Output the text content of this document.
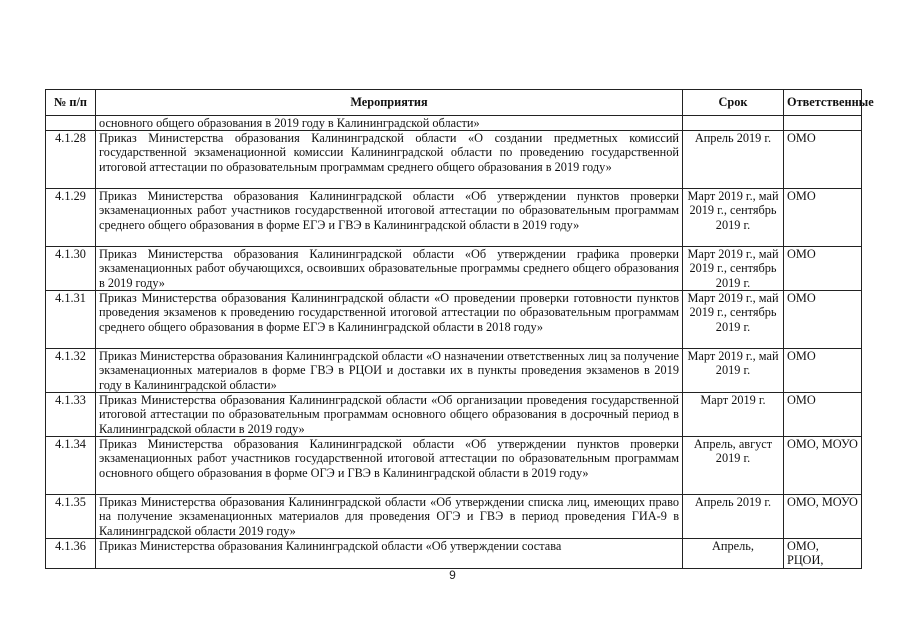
№ п/п	Мероприятия	Срок	Ответственные
	основного общего образования в 2019 году в Калининградской области»		
4.1.28	Приказ Министерства образования Калининградской области «О создании предметных комиссий государственной экзаменационной комиссии Калининградской области по проведению государственной итоговой аттестации по образовательным программам среднего общего образования в 2019 году»	Апрель 2019 г.	ОМО
4.1.29	Приказ Министерства образования Калининградской области «Об утверждении пунктов проверки экзаменационных работ участников государственной итоговой аттестации по образовательным программам среднего общего образования в форме ЕГЭ и ГВЭ в Калининградской области в 2019 году»	Март 2019 г., май 2019 г., сентябрь 2019 г.	ОМО
4.1.30	Приказ Министерства образования Калининградской области «Об утверждении графика проверки экзаменационных работ обучающихся, освоивших образовательные программы среднего общего образования в 2019 году»	Март 2019 г., май 2019 г., сентябрь 2019 г.	ОМО
4.1.31	Приказ Министерства образования Калининградской области «О проведении проверки готовности пунктов проведения экзаменов к проведению государственной итоговой аттестации по образовательным программам среднего общего образования в форме ЕГЭ в Калининградской области в 2018 году»	Март 2019 г., май 2019 г., сентябрь 2019 г.	ОМО
4.1.32	Приказ Министерства образования Калининградской области «О назначении ответственных лиц за получение экзаменационных материалов в форме ГВЭ в РЦОИ и доставки их в пункты проведения экзаменов в 2019 году в Калининградской области»	Март 2019 г., май 2019 г.	ОМО
4.1.33	Приказ Министерства образования Калининградской области «Об организации проведения государственной итоговой аттестации по образовательным программам основного общего образования в досрочный период в Калининградской области в 2019 году»	Март 2019 г.	ОМО
4.1.34	Приказ Министерства образования Калининградской области «Об утверждении пунктов проверки экзаменационных работ участников государственной итоговой аттестации по образовательным программам основного общего образования в форме ОГЭ и ГВЭ в Калининградской области в 2019 году»	Апрель, август 2019 г.	ОМО, МОУО
4.1.35	Приказ Министерства образования Калининградской области «Об утверждении списка лиц, имеющих право на получение экзаменационных материалов для проведения ОГЭ и ГВЭ в период проведения ГИА-9 в Калининградской области 2019 году»	Апрель 2019 г.	ОМО, МОУО
4.1.36	Приказ Министерства образования Калининградской области «Об утверждении состава	Апрель,	ОМО, РЦОИ,
9
